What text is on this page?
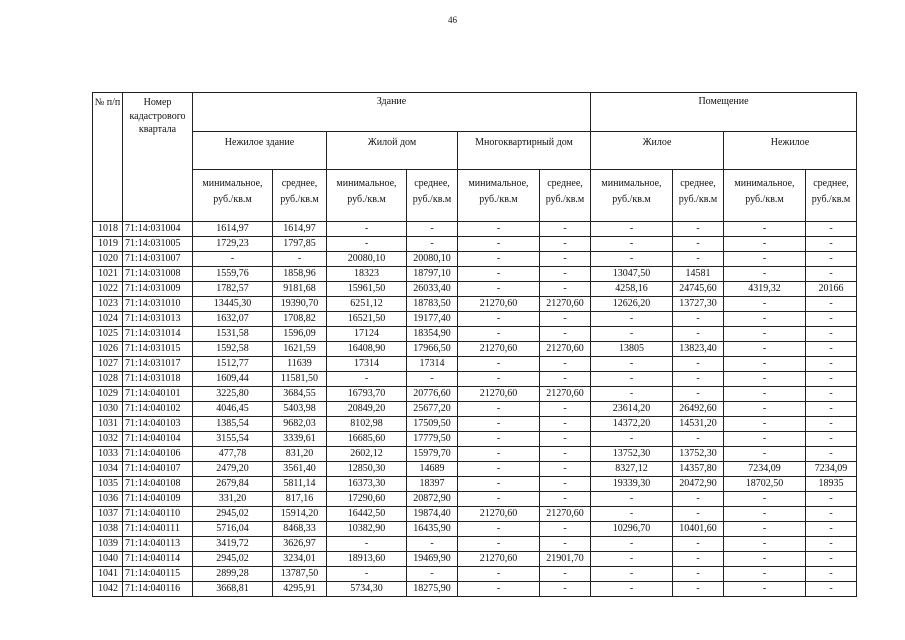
46
№ п/п	Номер кадастрового квартала	Здание						Помещение			
		Нежилое здание		Жилой дом		Многоквартирный дом		Жилое		Нежилое	
		минимальное, руб./кв.м	среднее, руб./кв.м	минимальное, руб./кв.м	среднее, руб./кв.м	минимальное, руб./кв.м	среднее, руб./кв.м	минимальное, руб./кв.м	среднее, руб./кв.м	минимальное, руб./кв.м	среднее, руб./кв.м
1018	71:14:031004	1614,97	1614,97	-	-	-	-	-	-	-	-
1019	71:14:031005	1729,23	1797,85	-	-	-	-	-	-	-	-
1020	71:14:031007	-	-	20080,10	20080,10	-	-	-	-	-	-
1021	71:14:031008	1559,76	1858,96	18323	18797,10	-	-	13047,50	14581	-	-
1022	71:14:031009	1782,57	9181,68	15961,50	26033,40	-	-	4258,16	24745,60	4319,32	20166
1023	71:14:031010	13445,30	19390,70	6251,12	18783,50	21270,60	21270,60	12626,20	13727,30	-	-
1024	71:14:031013	1632,07	1708,82	16521,50	19177,40	-	-	-	-	-	-
1025	71:14:031014	1531,58	1596,09	17124	18354,90	-	-	-	-	-	-
1026	71:14:031015	1592,58	1621,59	16408,90	17966,50	21270,60	21270,60	13805	13823,40	-	-
1027	71:14:031017	1512,77	11639	17314	17314	-	-	-	-	-	-
1028	71:14:031018	1609,44	11581,50	-	-	-	-	-	-	-	-
1029	71:14:040101	3225,80	3684,55	16793,70	20776,60	21270,60	21270,60	-	-	-	-
1030	71:14:040102	4046,45	5403,98	20849,20	25677,20	-	-	23614,20	26492,60	-	-
1031	71:14:040103	1385,54	9682,03	8102,98	17509,50	-	-	14372,20	14531,20	-	-
1032	71:14:040104	3155,54	3339,61	16685,60	17779,50	-	-	-	-	-	-
1033	71:14:040106	477,78	831,20	2602,12	15979,70	-	-	13752,30	13752,30	-	-
1034	71:14:040107	2479,20	3561,40	12850,30	14689	-	-	8327,12	14357,80	7234,09	7234,09
1035	71:14:040108	2679,84	5811,14	16373,30	18397	-	-	19339,30	20472,90	18702,50	18935
1036	71:14:040109	331,20	817,16	17290,60	20872,90	-	-	-	-	-	-
1037	71:14:040110	2945,02	15914,20	16442,50	19874,40	21270,60	21270,60	-	-	-	-
1038	71:14:040111	5716,04	8468,33	10382,90	16435,90	-	-	10296,70	10401,60	-	-
1039	71:14:040113	3419,72	3626,97	-	-	-	-	-	-	-	-
1040	71:14:040114	2945,02	3234,01	18913,60	19469,90	21270,60	21901,70	-	-	-	-
1041	71:14:040115	2899,28	13787,50	-	-	-	-	-	-	-	-
1042	71:14:040116	3668,81	4295,91	5734,30	18275,90	-	-	-	-	-	-
